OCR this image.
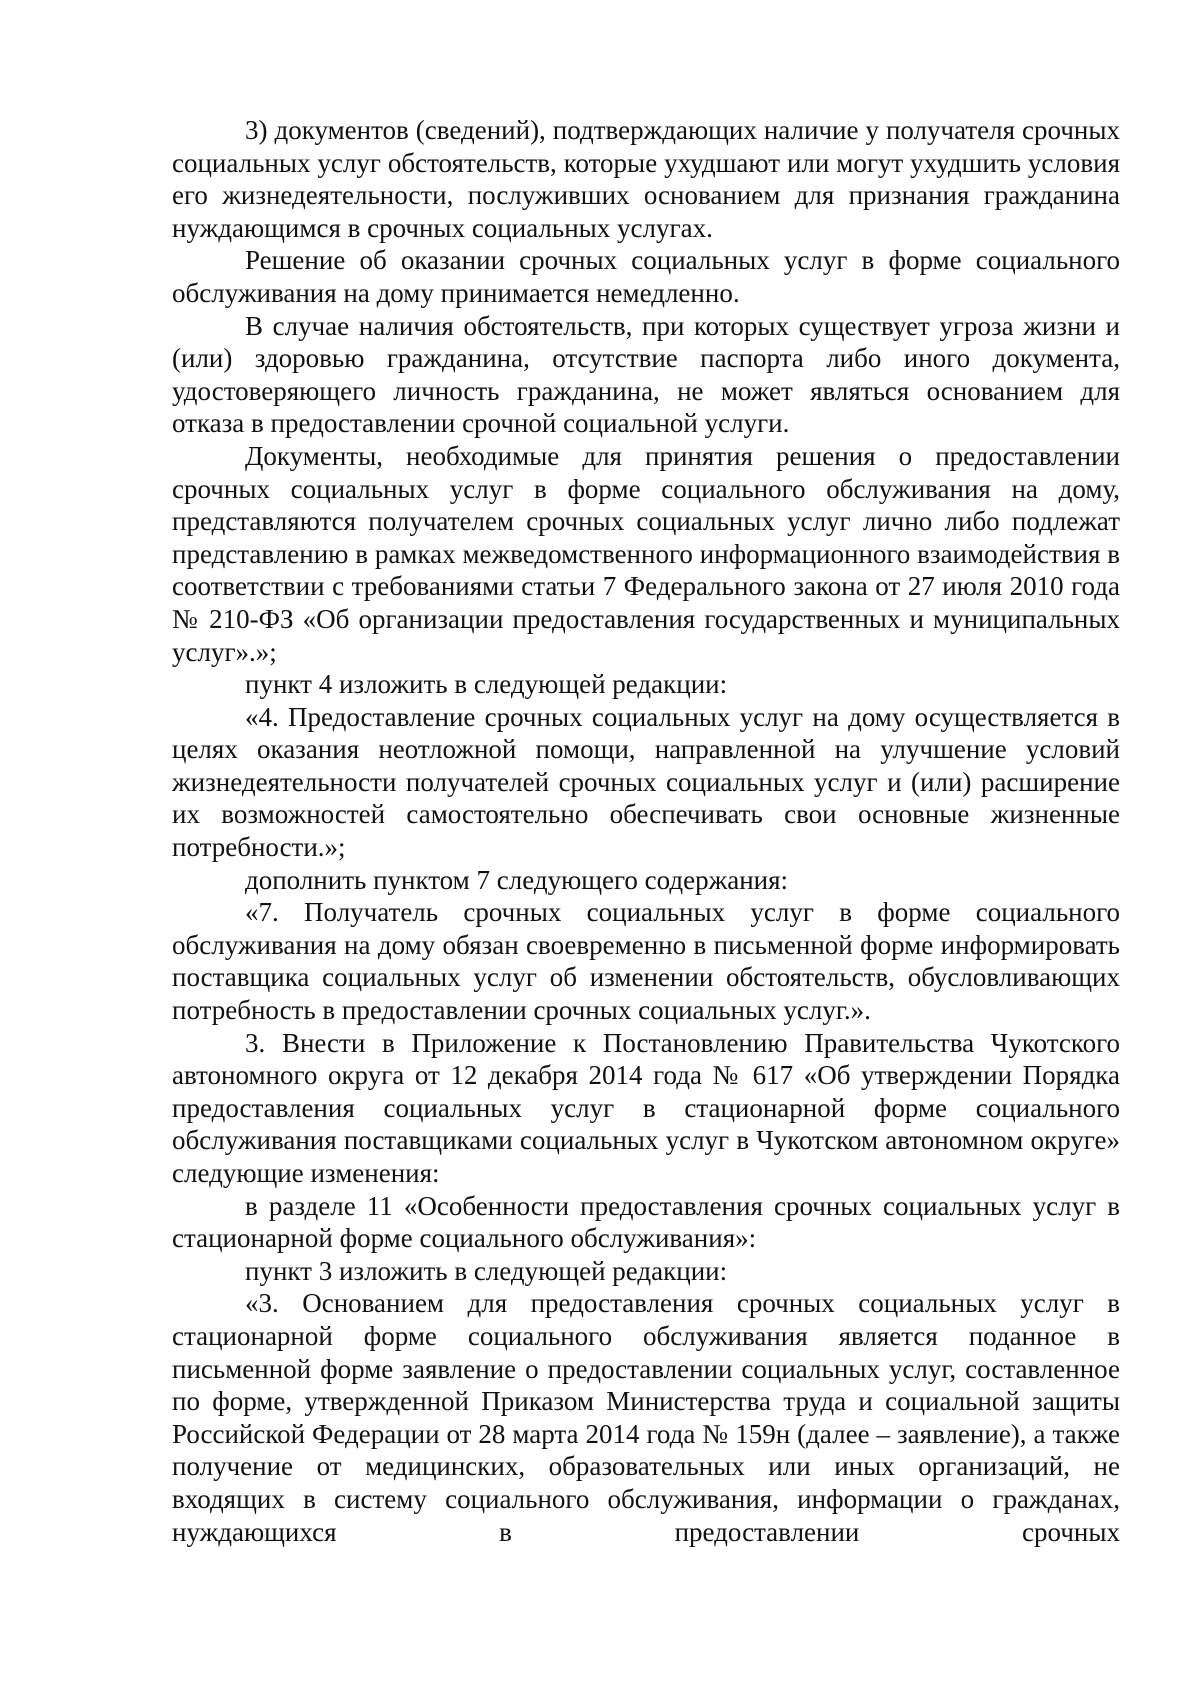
3) документов (сведений), подтверждающих наличие у получателя срочных социальных услуг обстоятельств, которые ухудшают или могут ухудшить условия его жизнедеятельности, послуживших основанием для признания гражданина нуждающимся в срочных социальных услугах.

Решение об оказании срочных социальных услуг в форме социального обслуживания на дому принимается немедленно.

В случае наличия обстоятельств, при которых существует угроза жизни и (или) здоровью гражданина, отсутствие паспорта либо иного документа, удостоверяющего личность гражданина, не может являться основанием для отказа в предоставлении срочной социальной услуги.

Документы, необходимые для принятия решения о предоставлении срочных социальных услуг в форме социального обслуживания на дому, представляются получателем срочных социальных услуг лично либо подлежат представлению в рамках межведомственного информационного взаимодействия в соответствии с требованиями статьи 7 Федерального закона от 27 июля 2010 года № 210-ФЗ «Об организации предоставления государственных и муниципальных услуг».»;

пункт 4 изложить в следующей редакции:

«4. Предоставление срочных социальных услуг на дому осуществляется в целях оказания неотложной помощи, направленной на улучшение условий жизнедеятельности получателей срочных социальных услуг и (или) расширение их возможностей самостоятельно обеспечивать свои основные жизненные потребности.»;

дополнить пунктом 7 следующего содержания:

«7. Получатель срочных социальных услуг в форме социального обслуживания на дому обязан своевременно в письменной форме информировать поставщика социальных услуг об изменении обстоятельств, обусловливающих потребность в предоставлении срочных социальных услуг.».

3. Внести в Приложение к Постановлению Правительства Чукотского автономного округа от 12 декабря 2014 года № 617 «Об утверждении Порядка предоставления социальных услуг в стационарной форме социального обслуживания поставщиками социальных услуг в Чукотском автономном округе» следующие изменения:

в разделе 11 «Особенности предоставления срочных социальных услуг в стационарной форме социального обслуживания»:

пункт 3 изложить в следующей редакции:

«3. Основанием для предоставления срочных социальных услуг в стационарной форме социального обслуживания является поданное в письменной форме заявление о предоставлении социальных услуг, составленное по форме, утвержденной Приказом Министерства труда и социальной защиты Российской Федерации от 28 марта 2014 года № 159н (далее – заявление), а также получение от медицинских, образовательных или иных организаций, не входящих в систему социального обслуживания, информации о гражданах, нуждающихся в предоставлении срочных
